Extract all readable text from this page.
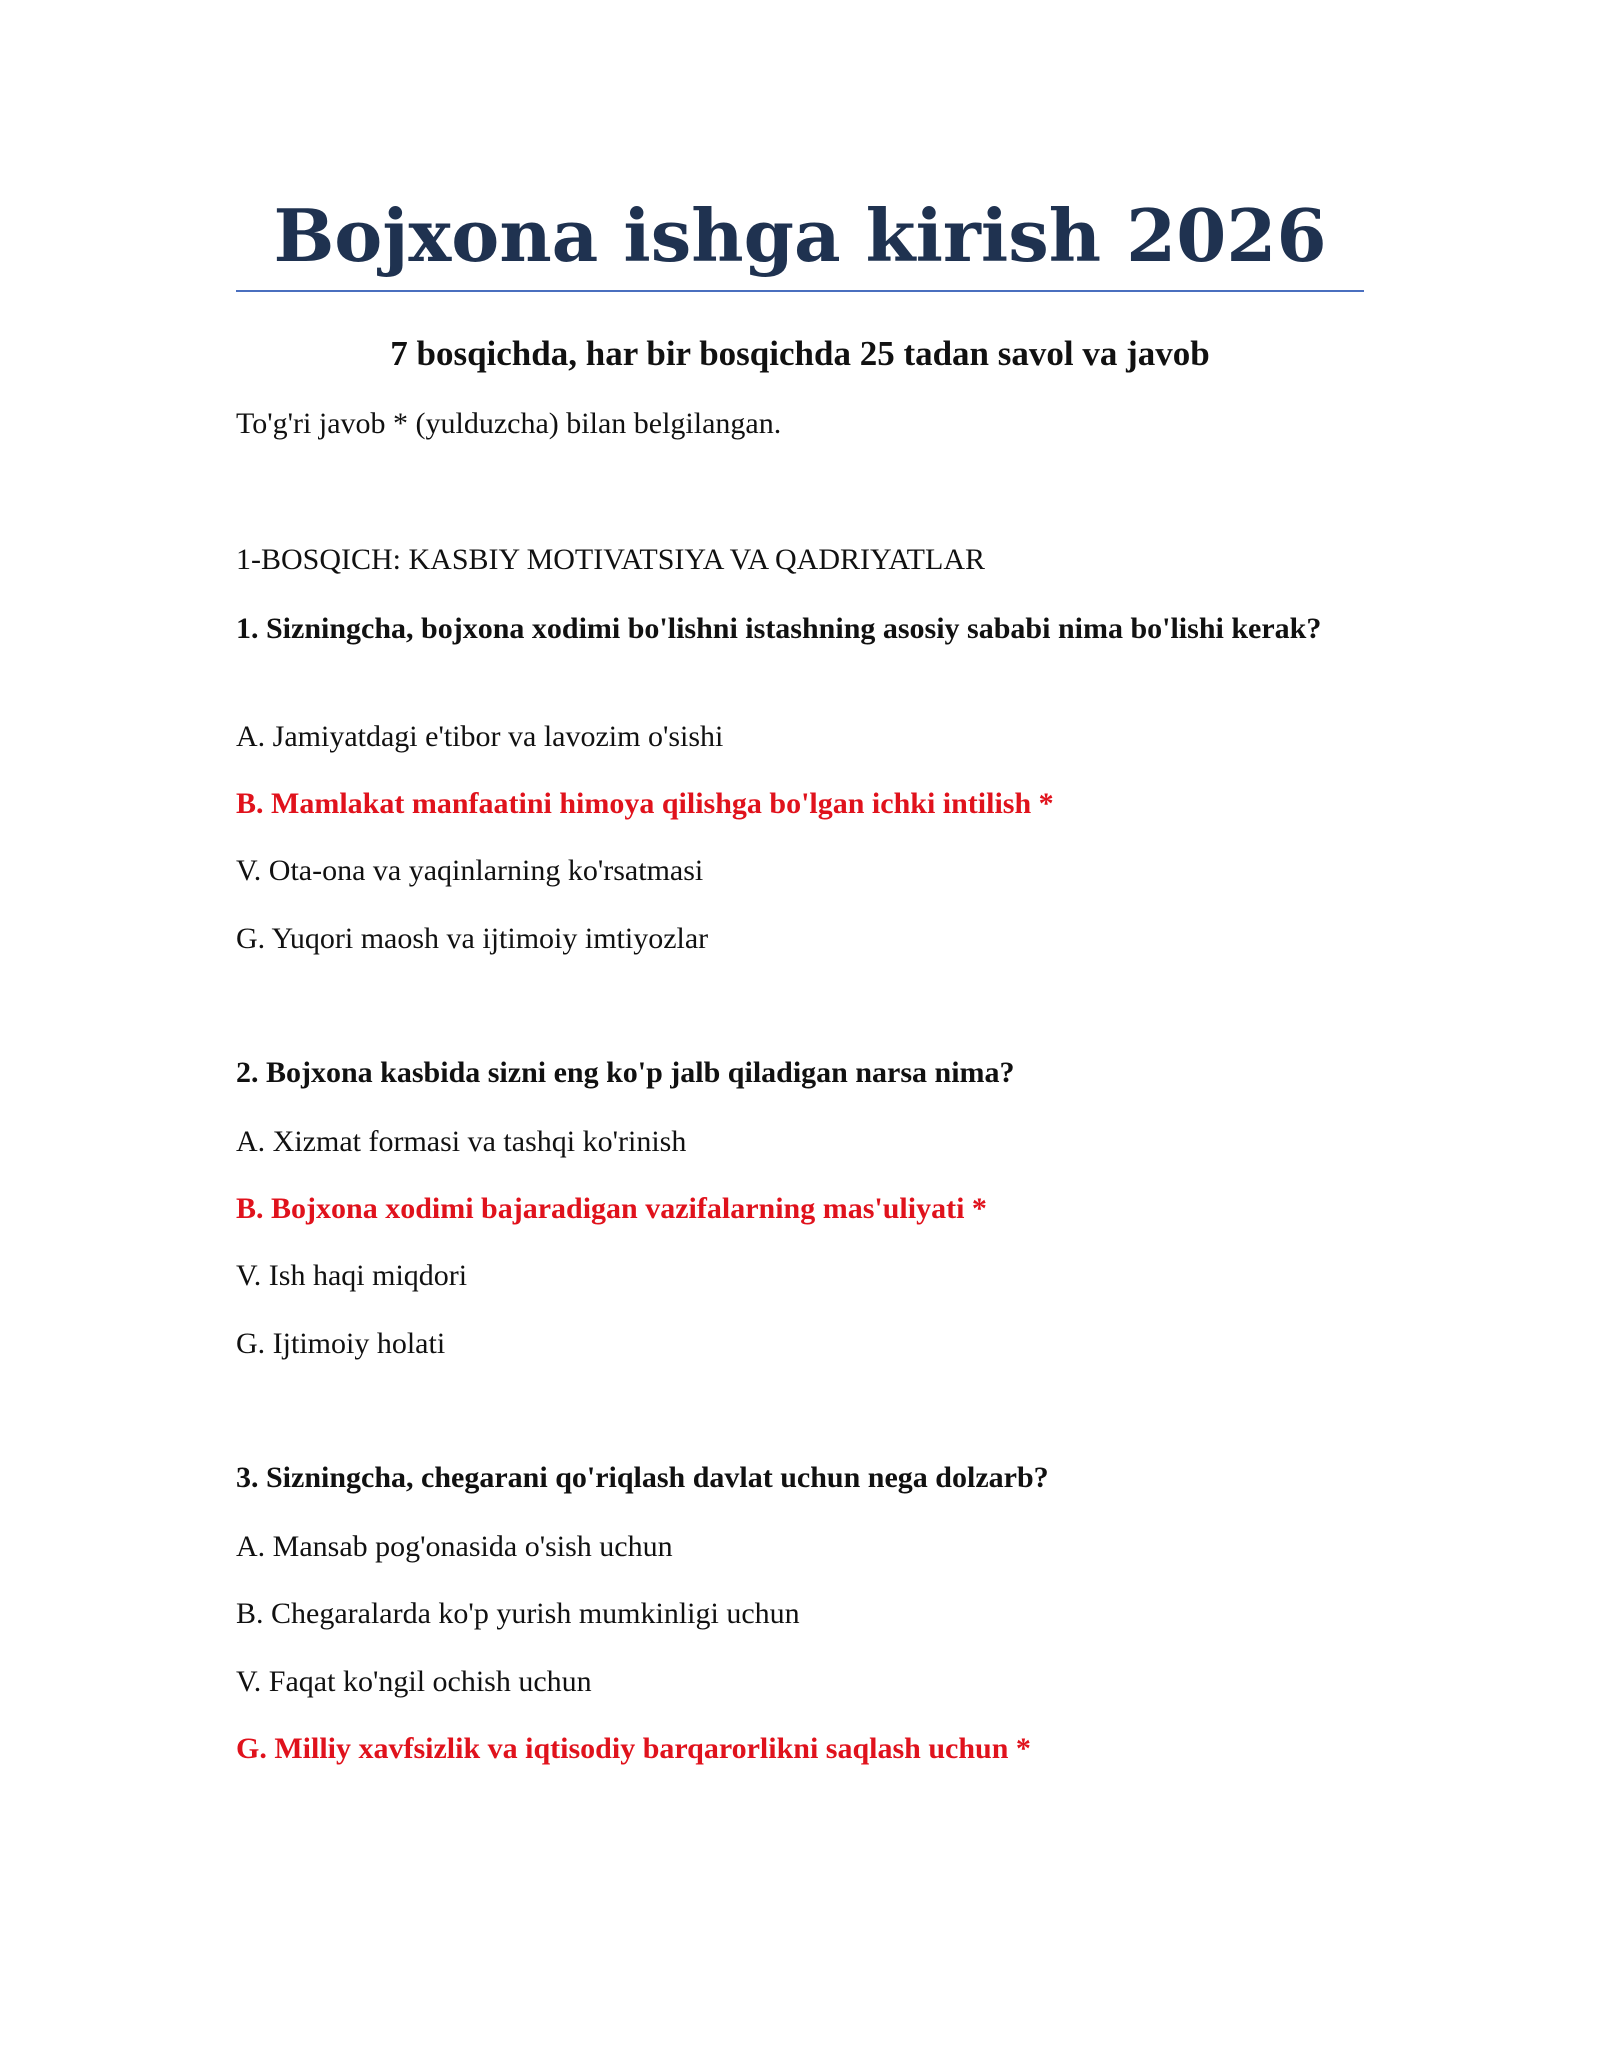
Bojxona ishga kirish 2026
7 bosqichda, har bir bosqichda 25 tadan savol va javob

To'g'ri javob * (yulduzcha) bilan belgilangan.

1-BOSQICH: KASBIY MOTIVATSIYA VA QADRIYATLAR

1. Sizningcha, bojxona xodimi bo'lishni istashning asosiy sababi nima bo'lishi kerak?

A. Jamiyatdagi e'tibor va lavozim o'sishi

B. Mamlakat manfaatini himoya qilishga bo'lgan ichki intilish *

V. Ota-ona va yaqinlarning ko'rsatmasi

G. Yuqori maosh va ijtimoiy imtiyozlar

2. Bojxona kasbida sizni eng ko'p jalb qiladigan narsa nima?

A. Xizmat formasi va tashqi ko'rinish

B. Bojxona xodimi bajaradigan vazifalarning mas'uliyati *

V. Ish haqi miqdori

G. Ijtimoiy holati

3. Sizningcha, chegarani qo'riqlash davlat uchun nega dolzarb?

A. Mansab pog'onasida o'sish uchun

B. Chegaralarda ko'p yurish mumkinligi uchun

V. Faqat ko'ngil ochish uchun

G. Milliy xavfsizlik va iqtisodiy barqarorlikni saqlash uchun *
